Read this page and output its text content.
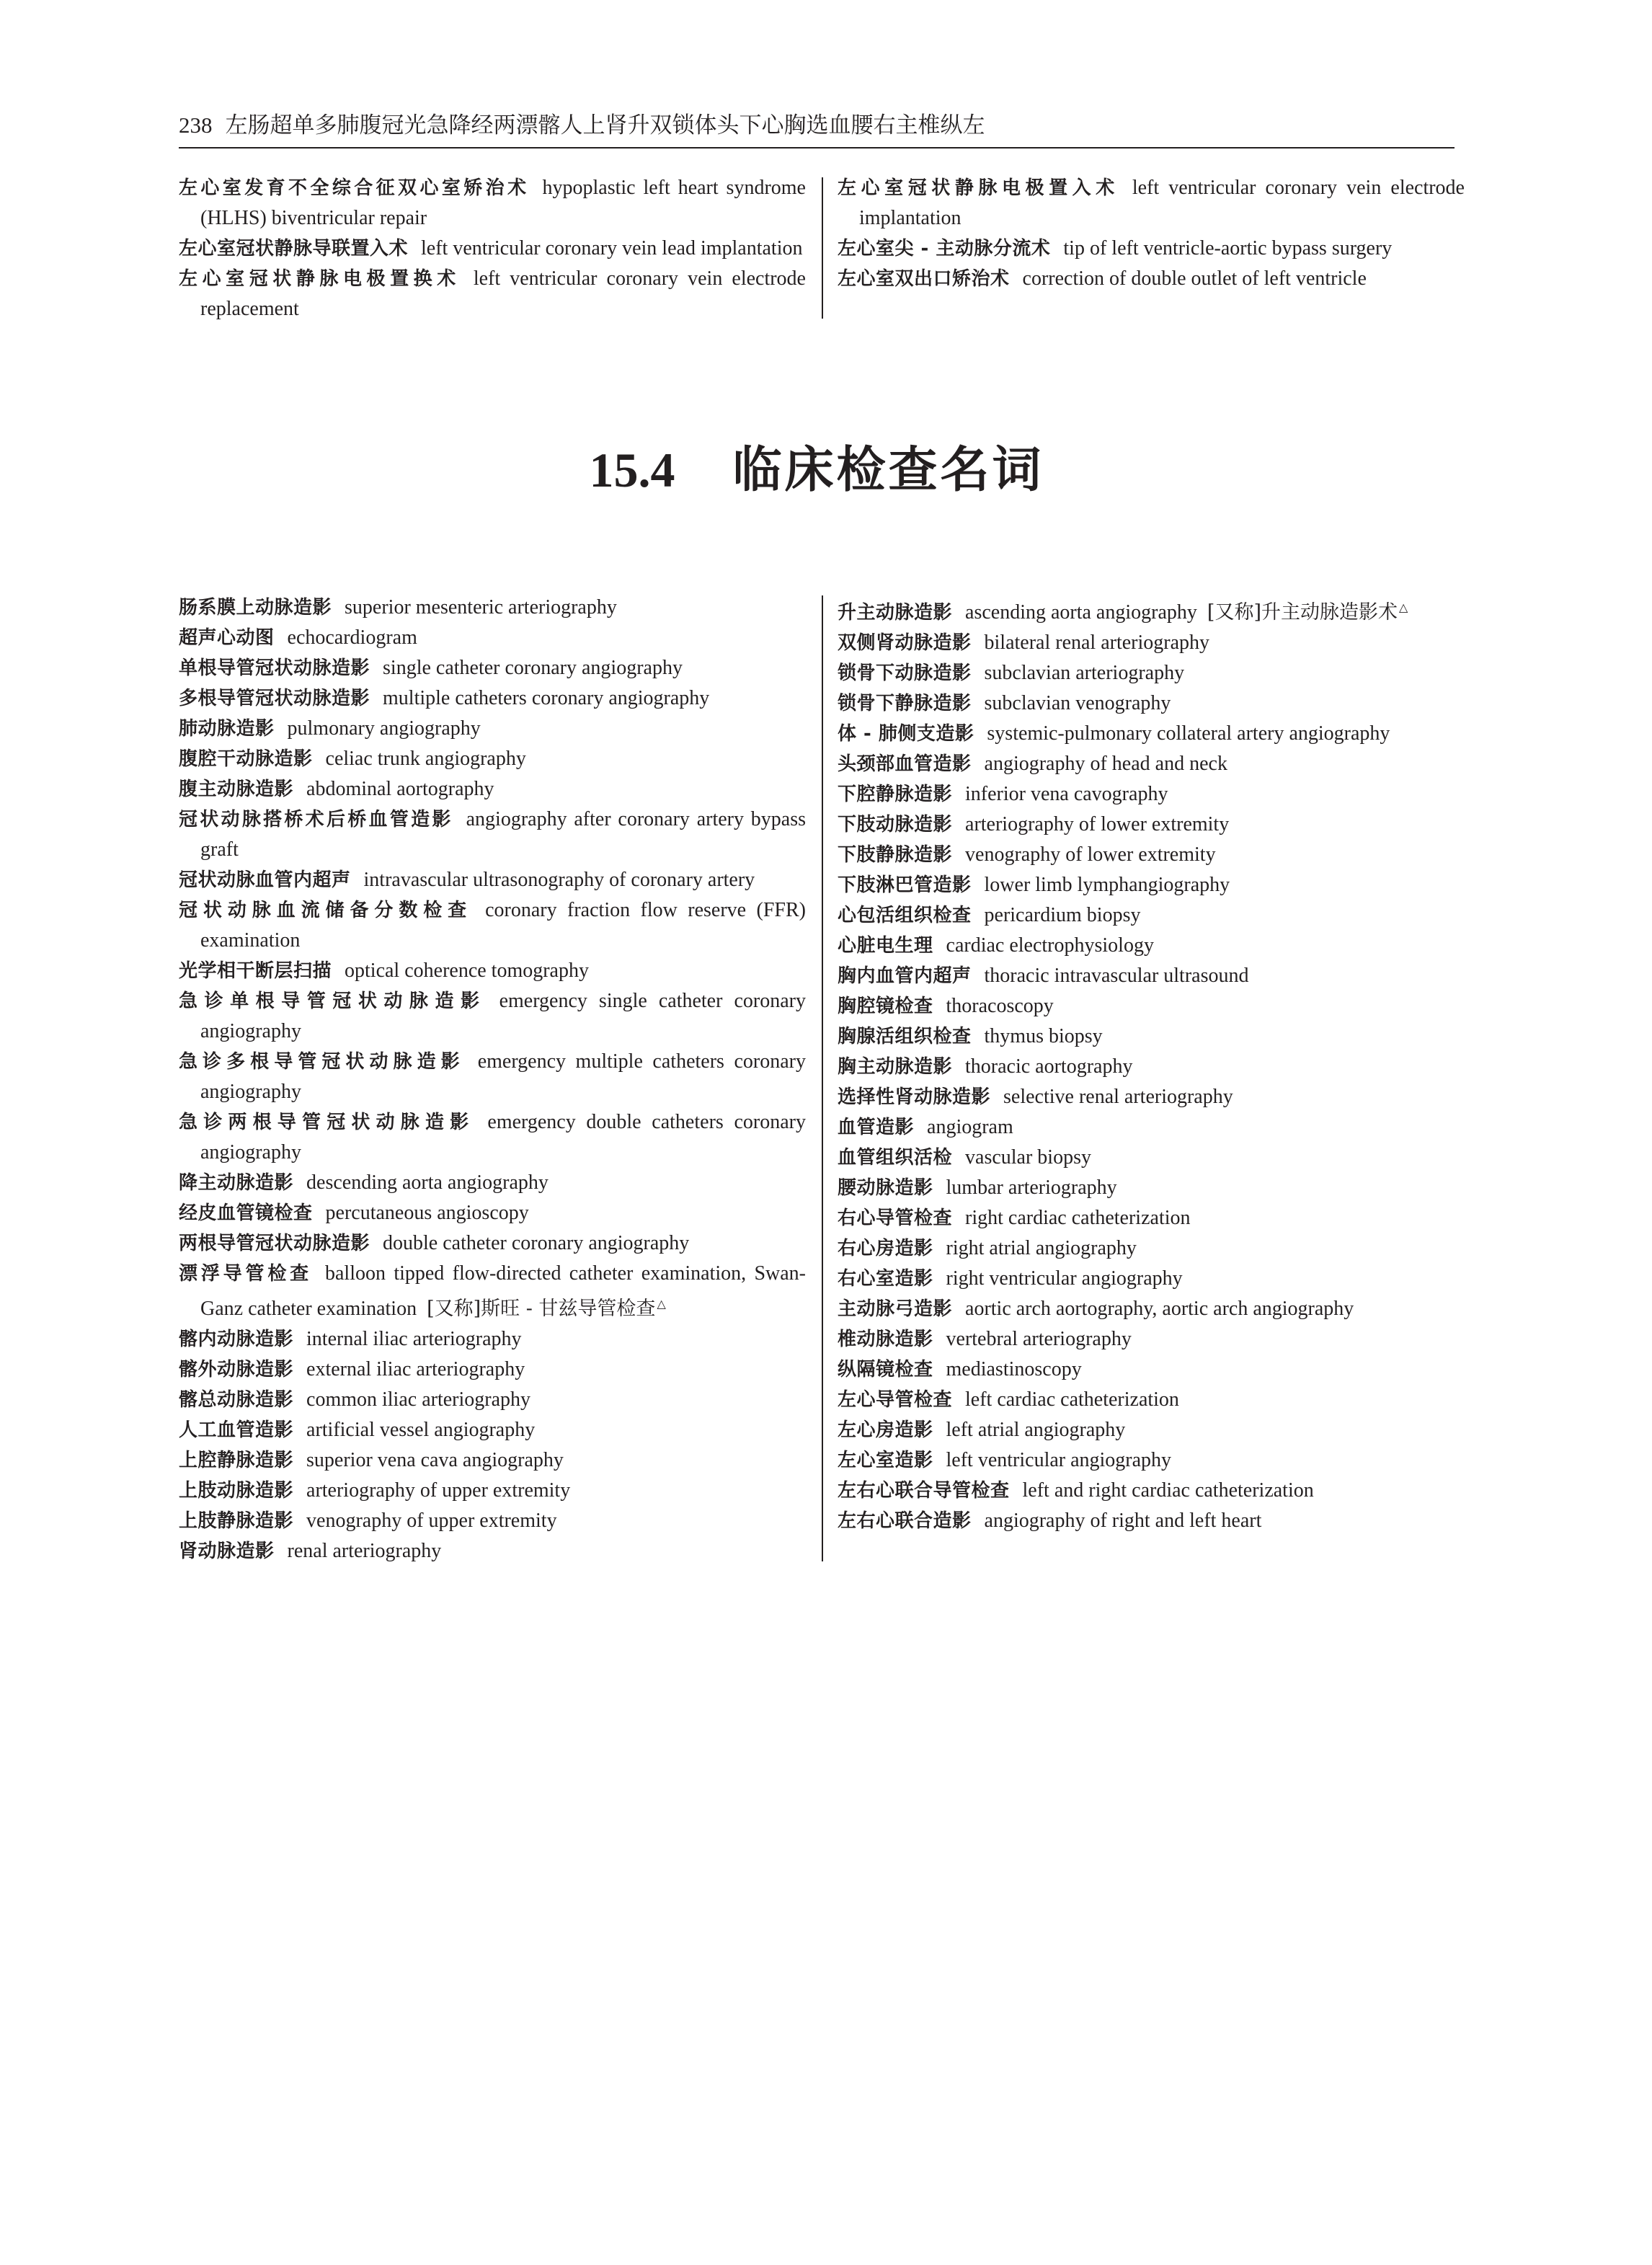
238 左肠超单多肺腹冠光急降经两漂髂人上肾升双锁体头下心胸选血腰右主椎纵左
左心室发育不全综合征双心室矫治术 hypoplastic left heart syndrome (HLHS) biventricular repair
左心室冠状静脉导联置入术 left ventricular coronary vein lead implantation
左心室冠状静脉电极置换术 left ventricular coronary vein electrode replacement
左心室冠状静脉电极置入术 left ventricular coronary vein electrode implantation
左心室尖 - 主动脉分流术 tip of left ventricle-aortic bypass surgery
左心室双出口矫治术 correction of double outlet of left ventricle
15.4 临床检查名词
肠系膜上动脉造影 superior mesenteric arteriography
超声心动图 echocardiogram
单根导管冠状动脉造影 single catheter coronary angiography
多根导管冠状动脉造影 multiple catheters coronary angiography
肺动脉造影 pulmonary angiography
腹腔干动脉造影 celiac trunk angiography
腹主动脉造影 abdominal aortography
冠状动脉搭桥术后桥血管造影 angiography after coronary artery bypass graft
冠状动脉血管内超声 intravascular ultrasonography of coronary artery
冠状动脉血流储备分数检查 coronary fraction flow reserve (FFR) examination
光学相干断层扫描 optical coherence tomography
急诊单根导管冠状动脉造影 emergency single catheter coronary angiography
急诊多根导管冠状动脉造影 emergency multiple catheters coronary angiography
急诊两根导管冠状动脉造影 emergency double catheters coronary angiography
降主动脉造影 descending aorta angiography
经皮血管镜检查 percutaneous angioscopy
两根导管冠状动脉造影 double catheter coronary angiography
漂浮导管检查 balloon tipped flow-directed catheter examination, Swan-Ganz catheter examination [又称]斯旺 - 甘兹导管检查 △
髂内动脉造影 internal iliac arteriography
髂外动脉造影 external iliac arteriography
髂总动脉造影 common iliac arteriography
人工血管造影 artificial vessel angiography
上腔静脉造影 superior vena cava angiography
上肢动脉造影 arteriography of upper extremity
上肢静脉造影 venography of upper extremity
肾动脉造影 renal arteriography
升主动脉造影 ascending aorta angiography [又称]升主动脉造影术 △
双侧肾动脉造影 bilateral renal arteriography
锁骨下动脉造影 subclavian arteriography
锁骨下静脉造影 subclavian venography
体 - 肺侧支造影 systemic-pulmonary collateral artery angiography
头颈部血管造影 angiography of head and neck
下腔静脉造影 inferior vena cavography
下肢动脉造影 arteriography of lower extremity
下肢静脉造影 venography of lower extremity
下肢淋巴管造影 lower limb lymphangiography
心包活组织检查 pericardium biopsy
心脏电生理 cardiac electrophysiology
胸内血管内超声 thoracic intravascular ultrasound
胸腔镜检查 thoracoscopy
胸腺活组织检查 thymus biopsy
胸主动脉造影 thoracic aortography
选择性肾动脉造影 selective renal arteriography
血管造影 angiogram
血管组织活检 vascular biopsy
腰动脉造影 lumbar arteriography
右心导管检查 right cardiac catheterization
右心房造影 right atrial angiography
右心室造影 right ventricular angiography
主动脉弓造影 aortic arch aortography, aortic arch angiography
椎动脉造影 vertebral arteriography
纵隔镜检查 mediastinoscopy
左心导管检查 left cardiac catheterization
左心房造影 left atrial angiography
左心室造影 left ventricular angiography
左右心联合导管检查 left and right cardiac catheterization
左右心联合造影 angiography of right and left heart
